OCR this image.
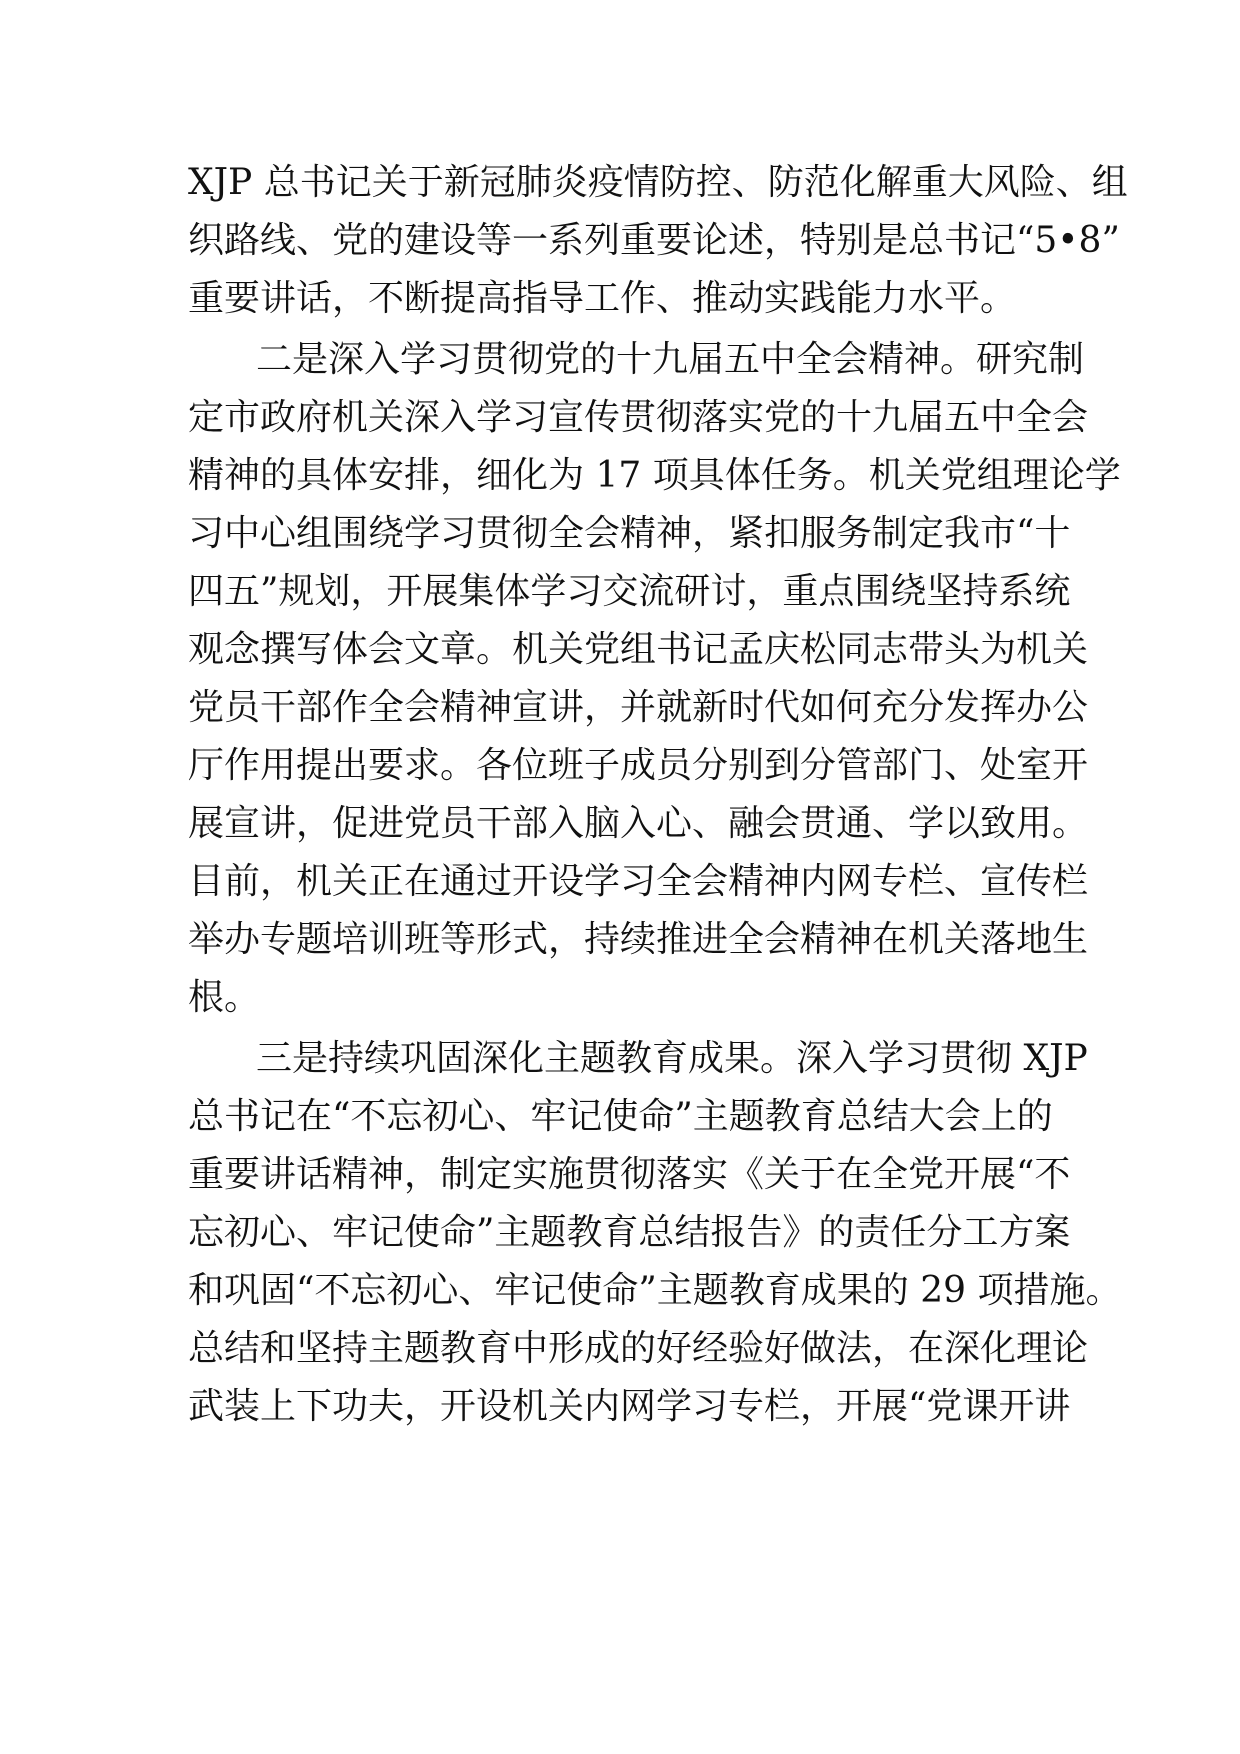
XJP 总书记关于新冠肺炎疫情防控、防范化解重大风险、组
织路线、党的建设等一系列重要论述，特别是总书记“5•8”
重要讲话，不断提高指导工作、推动实践能力水平。
二是深入学习贯彻党的十九届五中全会精神。研究制
定市政府机关深入学习宣传贯彻落实党的十九届五中全会
精神的具体安排，细化为 17 项具体任务。机关党组理论学
习中心组围绕学习贯彻全会精神，紧扣服务制定我市“十
四五”规划，开展集体学习交流研讨，重点围绕坚持系统
观念撰写体会文章。机关党组书记孟庆松同志带头为机关
党员干部作全会精神宣讲，并就新时代如何充分发挥办公
厅作用提出要求。各位班子成员分别到分管部门、处室开
展宣讲，促进党员干部入脑入心、融会贯通、学以致用。
目前，机关正在通过开设学习全会精神内网专栏、宣传栏
举办专题培训班等形式，持续推进全会精神在机关落地生
根。
三是持续巩固深化主题教育成果。深入学习贯彻 XJP
总书记在“不忘初心、牢记使命”主题教育总结大会上的
重要讲话精神，制定实施贯彻落实《关于在全党开展“不
忘初心、牢记使命”主题教育总结报告》的责任分工方案
和巩固“不忘初心、牢记使命”主题教育成果的 29 项措施。
总结和坚持主题教育中形成的好经验好做法，在深化理论
武装上下功夫，开设机关内网学习专栏，开展“党课开讲
